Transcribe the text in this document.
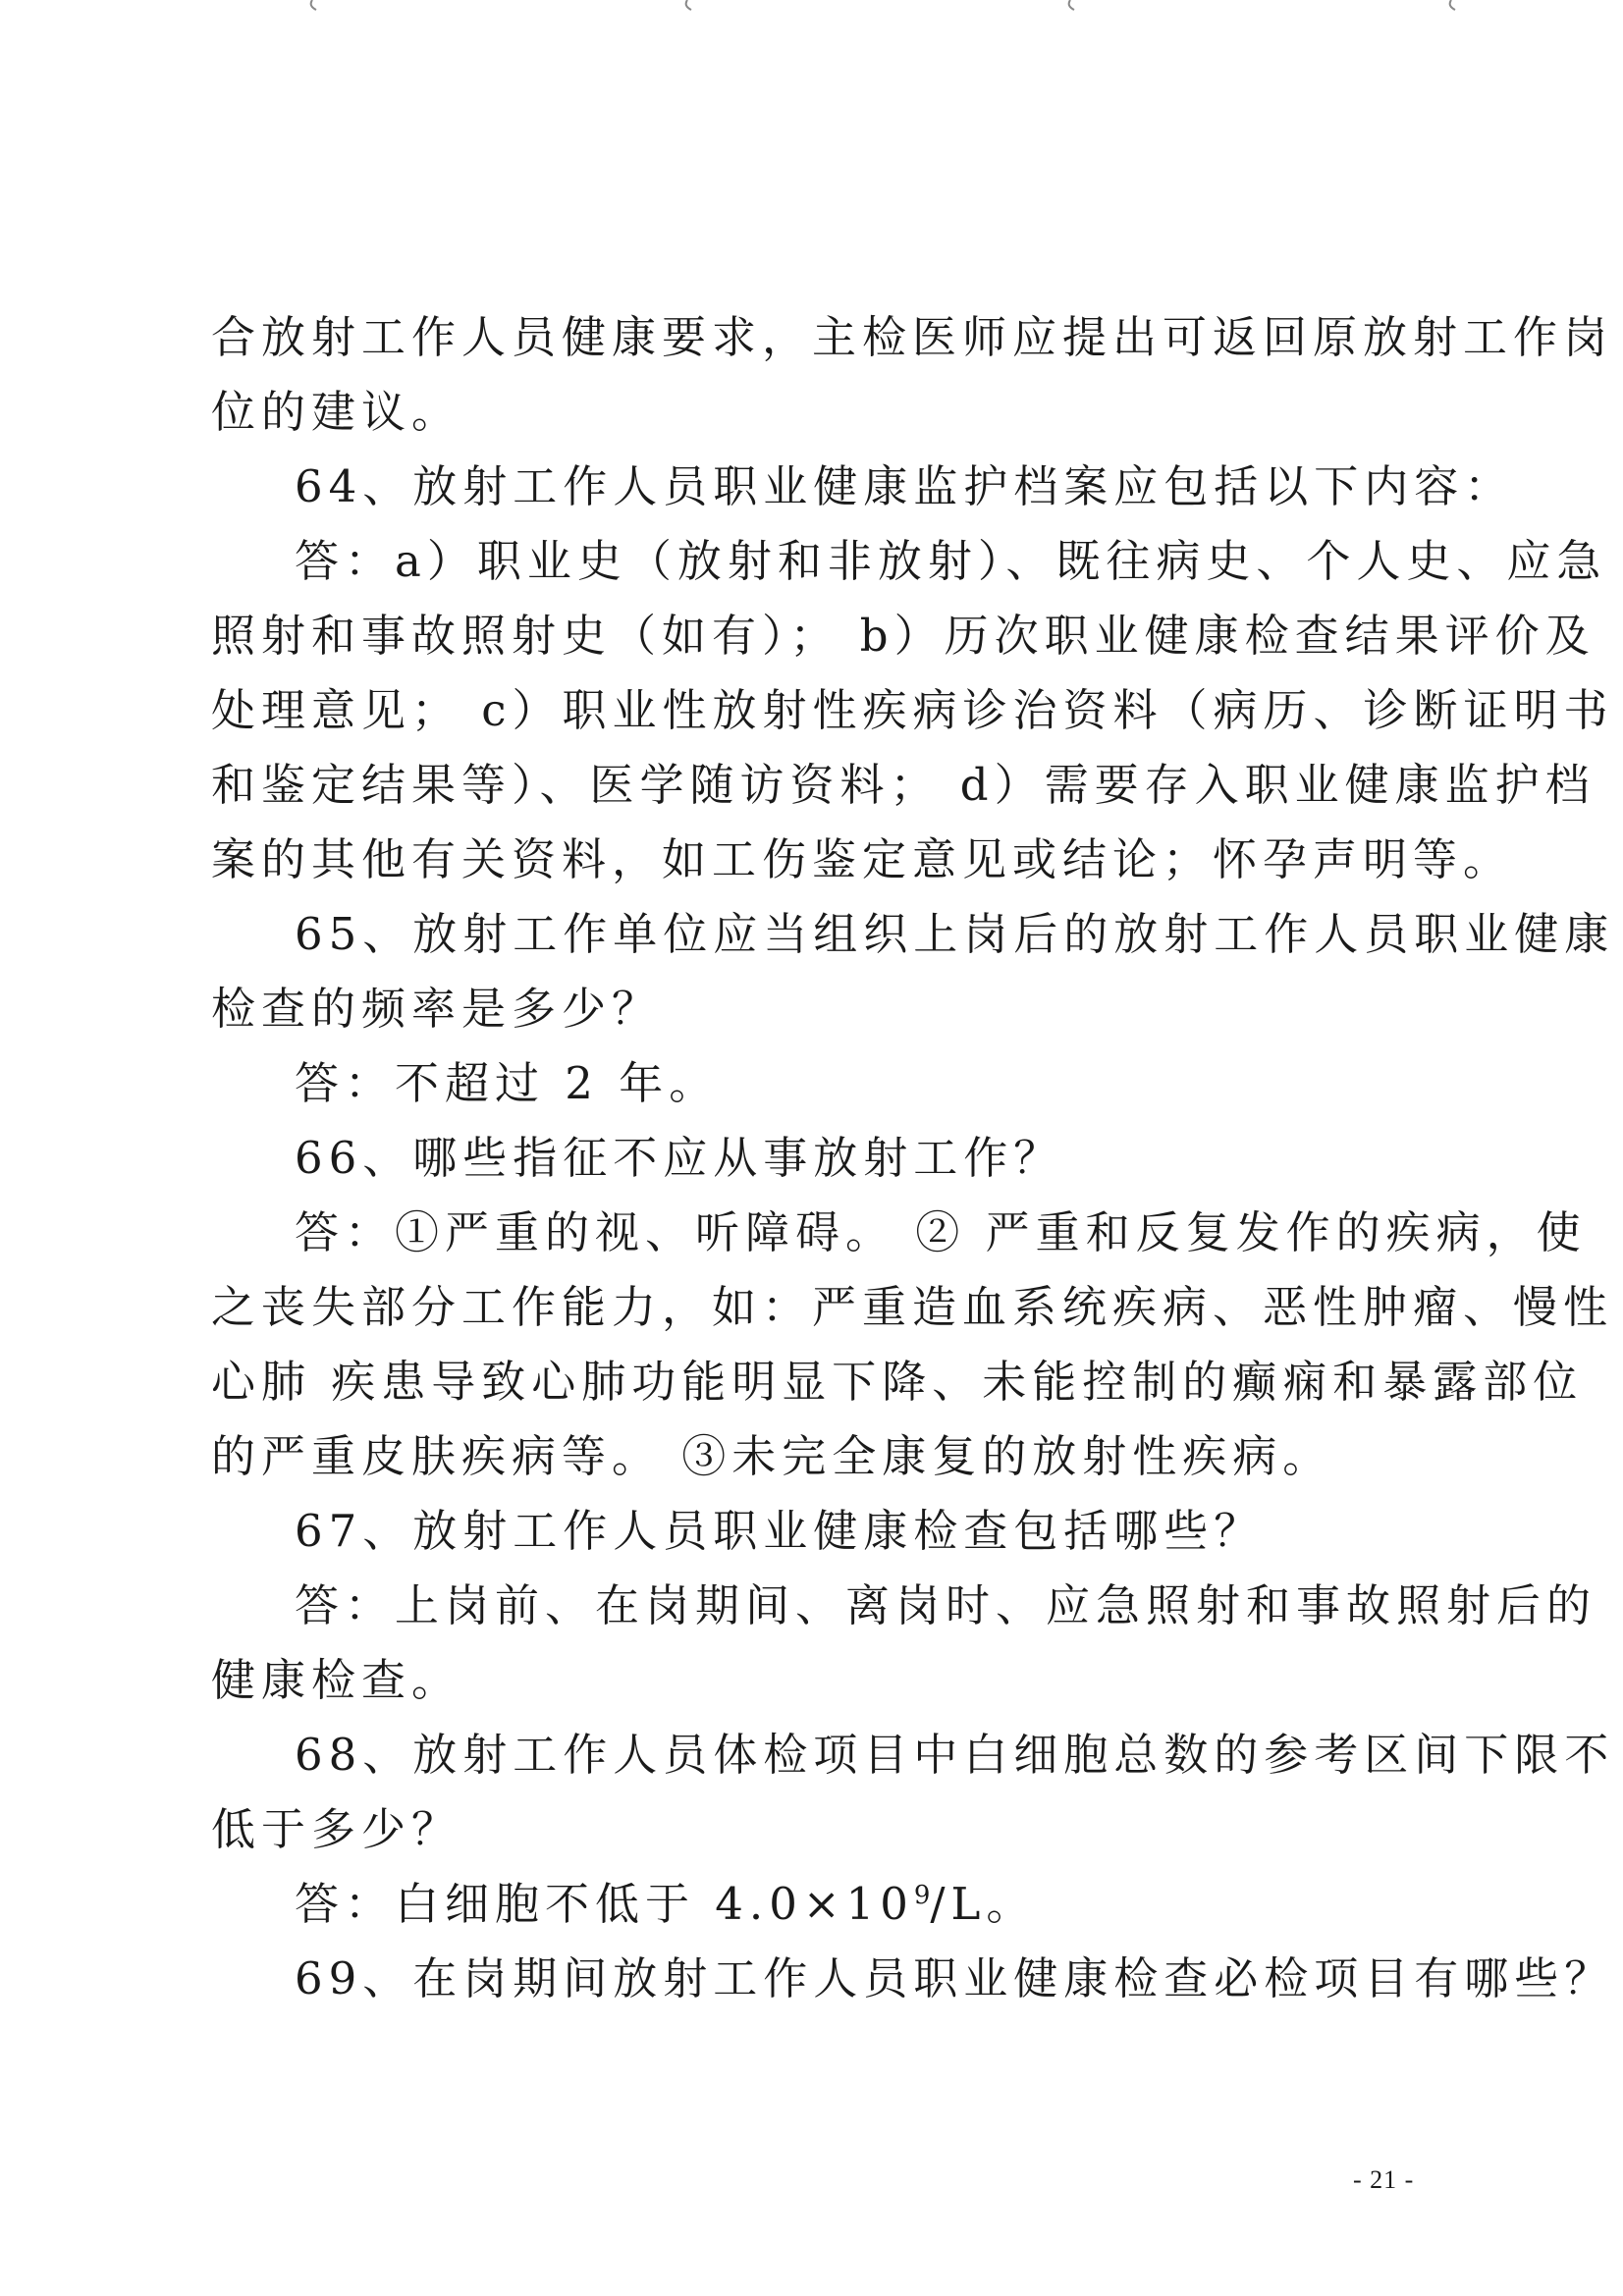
合放射工作人员健康要求，主检医师应提出可返回原放射工作岗
位的建议。
64、放射工作人员职业健康监护档案应包括以下内容：
答：a）职业史（放射和非放射）、既往病史、个人史、应急
照射和事故照射史（如有）； b）历次职业健康检查结果评价及
处理意见； c）职业性放射性疾病诊治资料（病历、诊断证明书
和鉴定结果等）、医学随访资料； d）需要存入职业健康监护档
案的其他有关资料，如工伤鉴定意见或结论；怀孕声明等。
65、放射工作单位应当组织上岗后的放射工作人员职业健康
检查的频率是多少？
答：不超过 2 年。
66、哪些指征不应从事放射工作？
答：①严重的视、听障碍。 ② 严重和反复发作的疾病，使
之丧失部分工作能力，如：严重造血系统疾病、恶性肿瘤、慢性
心肺 疾患导致心肺功能明显下降、未能控制的癫痫和暴露部位
的严重皮肤疾病等。 ③未完全康复的放射性疾病。
67、放射工作人员职业健康检查包括哪些？
答：上岗前、在岗期间、离岗时、应急照射和事故照射后的
健康检查。
68、放射工作人员体检项目中白细胞总数的参考区间下限不
低于多少？
答：白细胞不低于 $4.0\times 10^9/L$。
69、在岗期间放射工作人员职业健康检查必检项目有哪些？
- 21 -
